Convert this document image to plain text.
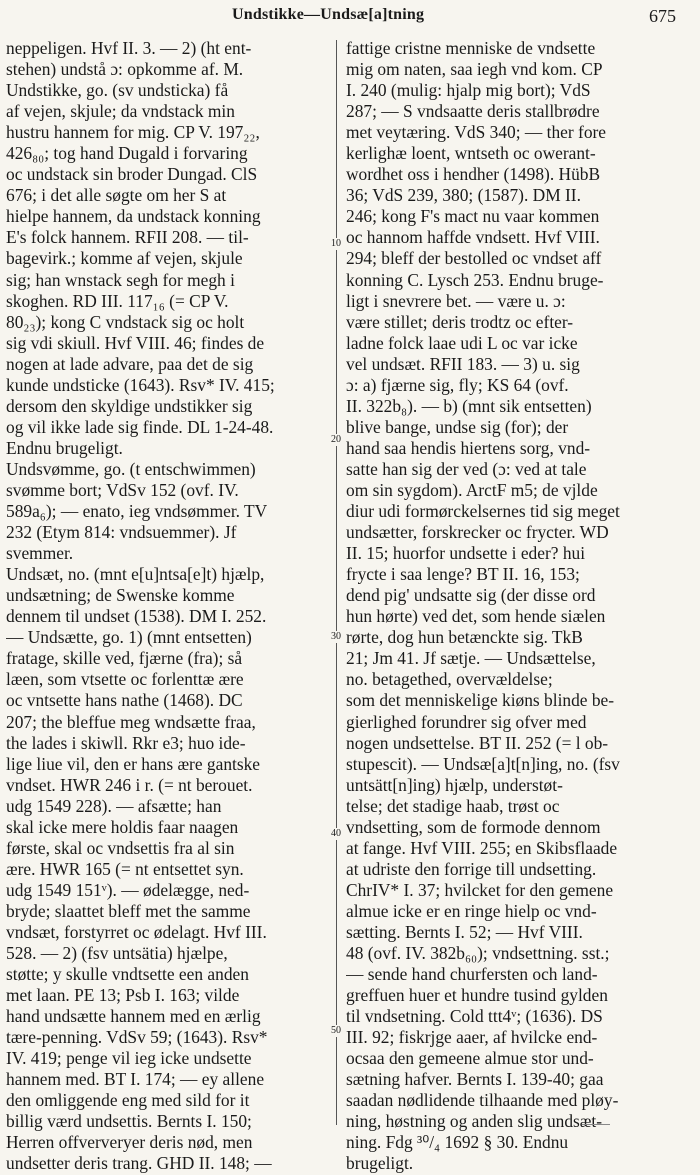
Undstikke—Undsæ[a]tning	675
neppeligen. Hvf II. 3. — 2) (ht ent-
stehen) undstå ɔ: opkomme af. M.
Undstikke, go. (sv undsticka) få
af vejen, skjule; da vndstack min
hustru hannem for mig. CP V. 197₂₂,
426₈₀; tog hand Dugald i forvaring
oc undstack sin broder Dungad. ClS
676; i det alle søgte om her S at
hielpe hannem, da undstack konning
E's folck hannem. RFII 208. — til-
bagevirk.; komme af vejen, skjule
sig; han wnstack segh for megh i
skoghen. RD III. 117₁₆ (= CP V.
80₂₃); kong C vndstack sig oc holt
sig vdi skiull. Hvf VIII. 46; findes de
nogen at lade advare, paa det de sig
kunde undsticke (1643). Rsv* IV. 415;
dersom den skyldige undstikker sig
og vil ikke lade sig finde. DL 1-24-48.
Endnu brugeligt.
Undsvømme, go. (t entschwimmen)
svømme bort; VdSv 152 (ovf. IV.
589a₆); — enato, ieg vndsømmer. TV
232 (Etym 814: vndsuemmer). Jf
svemmer.
Undsæt, no. (mnt e[u]ntsa[e]t) hjælp,
undsætning; de Swenske komme
dennem til undset (1538). DM I. 252.
— Undsætte, go. 1) (mnt entsetten)
fratage, skille ved, fjærne (fra); så
læen, som vtsette oc forlenttæ ære
oc vntsette hans nathe (1468). DC
207; the bleffue meg wndsætte fraa,
the lades i skiwll. Rkr e3; huo ide-
lige liue vil, den er hans ære gantske
vndset. HWR 246 i r. (= nt berouet.
udg 1549 228). — afsætte; han
skal icke mere holdis faar naagen
første, skal oc vndsettis fra al sin
ære. HWR 165 (= nt entsettet syn.
udg 1549 151ᵛ). — ødelægge, ned-
bryde; slaattet bleff met the samme
vndsæt, forstyrret oc ødelagt. Hvf III.
528. — 2) (fsv untsätia) hjælpe,
støtte; y skulle vndtsette een anden
met laan. PE 13; Psb I. 163; vilde
hand undsætte hannem med en ærlig
tære-penning. VdSv 59; (1643). Rsv*
IV. 419; penge vil ieg icke undsette
hannem med. BT I. 174; — ey allene
den omliggende eng med sild for it
billig værd undsettis. Bernts I. 150;
Herren offververyer deris nød, men
undsetter deris trang. GHD II. 148; —
fattige cristne menniske de vndsette
mig om naten, saa iegh vnd kom. CP
I. 240 (mulig: hjalp mig bort); VdS
287; — S vndsaatte deris stallbrødre
met veytæring. VdS 340; — ther fore
kerlighæ loent, wntseth oc owerant-
wordhet oss i hendher (1498). HübB
36; VdS 239, 380; (1587). DM II.
246; kong F's mact nu vaar kommen
oc hannom haffde vndsett. Hvf VIII.
294; bleff der bestolled oc vndset aff
konning C. Lysch 253. Endnu bruge-
ligt i snevrere bet. — være u. ɔ:
være stillet; deris trodtz oc efter-
ladne folck laae udi L oc var icke
vel undsæt. RFII 183. — 3) u. sig
ɔ: a) fjærne sig, fly; KS 64 (ovf.
II. 322b₈). — b) (mnt sik entsetten)
blive bange, undse sig (for); der
hand saa hendis hiertens sorg, vnd-
satte han sig der ved (ɔ: ved at tale
om sin sygdom). ArctF m5; de vjlde
diur udi formørckelsernes tid sig meget
undsætter, forskrecker oc frycter. WD
II. 15; huorfor undsette i eder? hui
frycte i saa lenge? BT II. 16, 153;
dend pig' undsatte sig (der disse ord
hun hørte) ved det, som hende siælen
rørte, dog hun betænckte sig. TkB
21; Jm 41. Jf sætje. — Undsættelse,
no. betagethed, overvældelse;
som det menniskelige kiøns blinde be-
gierlighed forundrer sig ofver med
nogen undsettelse. BT II. 252 (= l ob-
stupescit). — Undsæ[a]t[n]ing, no. (fsv
untsätt[n]ing) hjælp, understøt-
telse; det stadige haab, trøst oc
vndsetting, som de formode dennom
at fange. Hvf VIII. 255; en Skibsflaade
at udriste den forrige till undsetting.
ChrIV* I. 37; hvilcket for den gemene
almue icke er en ringe hielp oc vnd-
sætting. Bernts I. 52; — Hvf VIII.
48 (ovf. IV. 382b₆₀); vndsettning. sst.;
— sende hand churfersten och land-
greffuen huer et hundre tusind gylden
til vndsetning. Cold ttt4ᵛ; (1636). DS
III. 92; fiskrjge aaer, af hvilcke end-
ocsaa den gemeene almue stor und-
sætning hafver. Bernts I. 139-40; gaa
saadan nødlidende tilhaande med pløy-
ning, høstning og anden slig undsæt-
ning. Fdg ³⁰/₄ 1692 § 30. Endnu
brugeligt.
10
20
30
40
50
